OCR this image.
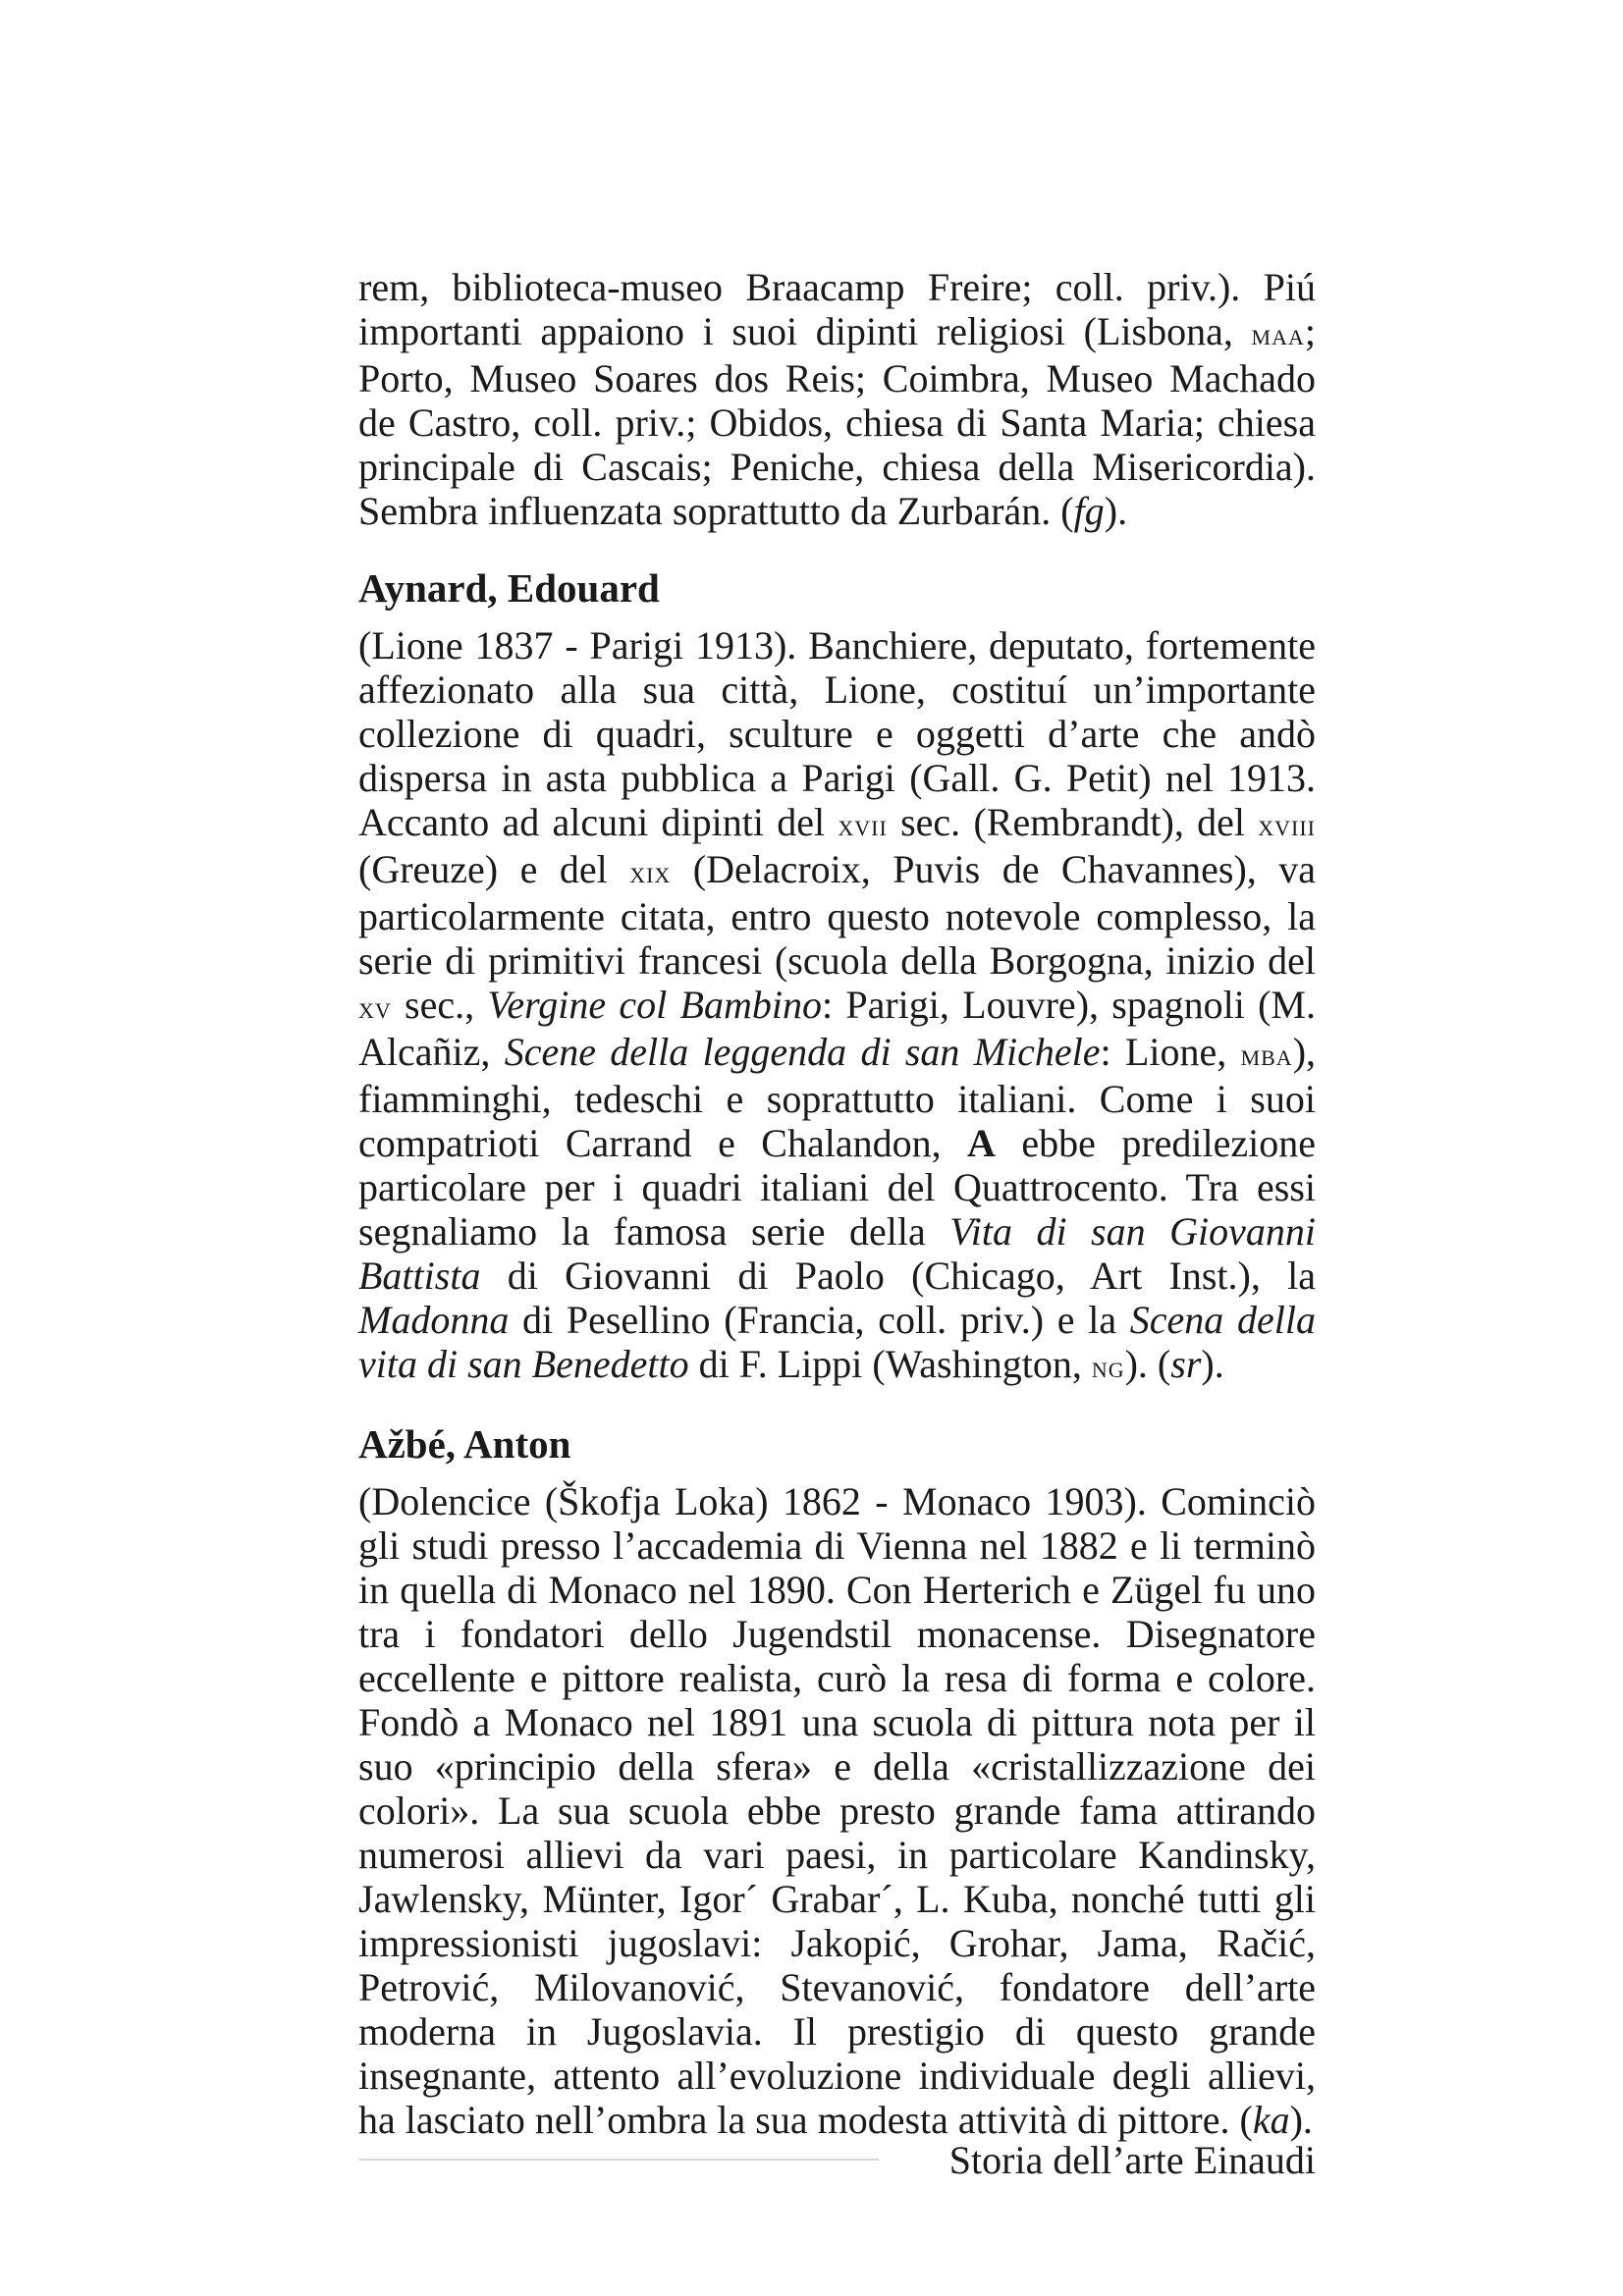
rem, biblioteca-museo Braacamp Freire; coll. priv.). Piú importanti appaiono i suoi dipinti religiosi (Lisbona, maa; Porto, Museo Soares dos Reis; Coimbra, Museo Machado de Castro, coll. priv.; Obidos, chiesa di Santa Maria; chiesa principale di Cascais; Peniche, chiesa della Misericordia). Sembra influenzata soprattutto da Zurbarán. (fg).

Aynard, Edouard

(Lione 1837 - Parigi 1913). Banchiere, deputato, fortemente affezionato alla sua città, Lione, costituí un’importante collezione di quadri, sculture e oggetti d’arte che andò dispersa in asta pubblica a Parigi (Gall. G. Petit) nel 1913. Accanto ad alcuni dipinti del xvii sec. (Rembrandt), del xviii (Greuze) e del xix (Delacroix, Puvis de Chavannes), va particolarmente citata, entro questo notevole complesso, la serie di primitivi francesi (scuola della Borgogna, inizio del xv sec., Vergine col Bambino: Parigi, Louvre), spagnoli (M. Alcañiz, Scene della leggenda di san Michele: Lione, mba), fiamminghi, tedeschi e soprattutto italiani. Come i suoi compatrioti Carrand e Chalandon, A ebbe predilezione particolare per i quadri italiani del Quattrocento. Tra essi segnaliamo la famosa serie della Vita di san Giovanni Battista di Giovanni di Paolo (Chicago, Art Inst.), la Madonna di Pesellino (Francia, coll. priv.) e la Scena della vita di san Benedetto di F. Lippi (Washington, ng). (sr).

Ažbé, Anton

(Dolencice (Škofja Loka) 1862 - Monaco 1903). Cominciò gli studi presso l’accademia di Vienna nel 1882 e li terminò in quella di Monaco nel 1890. Con Herterich e Zügel fu uno tra i fondatori dello Jugendstil monacense. Disegnatore eccellente e pittore realista, curò la resa di forma e colore. Fondò a Monaco nel 1891 una scuola di pittura nota per il suo «principio della sfera» e della «cristallizzazione dei colori». La sua scuola ebbe presto grande fama attirando numerosi allievi da vari paesi, in particolare Kandinsky, Jawlensky, Münter, Igor´ Grabar´, L. Kuba, nonché tutti gli impressionisti jugoslavi: Jakopić, Grohar, Jama, Račić, Petrović, Milovanović, Stevanović, fondatore dell’arte moderna in Jugoslavia. Il prestigio di questo grande insegnante, attento all’evoluzione individuale degli allievi, ha lasciato nell’ombra la sua modesta attività di pittore. (ka).

Storia dell’arte Einaudi
